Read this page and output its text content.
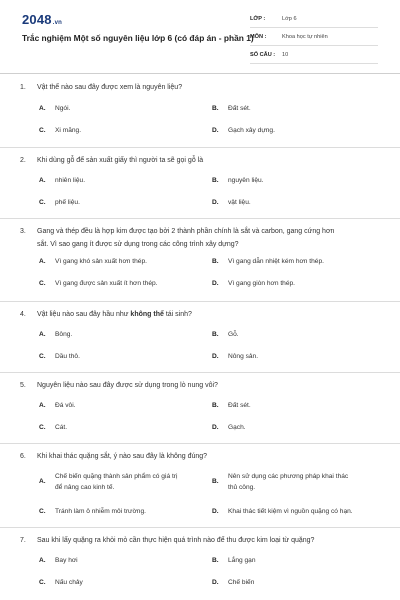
2048.vn
Trắc nghiệm Một số nguyên liệu lớp 6 (có đáp án - phần 1)
LỚP :	Lớp 6
MÔN :	Khoa học tự nhiên
SỐ CÂU :	10
1.	Vật thể nào sau đây được xem là nguyên liệu?
A.	Ngói.	B.	Đất sét.
C.	Xi măng.	D.	Gạch xây dựng.
2.	Khi dùng gỗ để sản xuất giấy thì người ta sẽ gọi gỗ là
A.	nhiên liệu.	B.	nguyên liệu.
C.	phế liệu.	D.	vật liệu.
3.	Gang và thép đều là hợp kim được tạo bởi 2 thành phần chính là sắt và carbon, gang cứng hơn
sắt. Vì sao gang ít được sử dụng trong các công trình xây dựng?
A.	Vì gang khó sản xuất hơn thép.	B.	Vì gang dẫn nhiệt kém hơn thép.
C.	Vì gang được sản xuất ít hơn thép.	D.	Vì gang giòn hơn thép.
4.	Vật liệu nào sau đây hầu như không thể tái sinh?
A.	Bông.	B.	Gỗ.
C.	Dầu thô.	D.	Nông sản.
5.	Nguyên liệu nào sau đây được sử dụng trong lò nung vôi?
A.	Đá vôi.	B.	Đất sét.
C.	Cát.	D.	Gạch.
6.	Khi khai thác quặng sắt, ý nào sau đây là không đúng?
A.
Chế biến quặng thành sản phẩm có giá trị
để nâng cao kinh tế.
B.
Nên sử dụng các phương pháp khai thác
thủ công.
C.	Tránh làm ô nhiễm môi trường.	D.	Khai thác tiết kiệm vì nguồn quặng có hạn.
7.	Sau khi lấy quặng ra khỏi mỏ cần thực hiện quá trình nào để thu được kim loại từ quặng?
A.	Bay hơi	B.	Lắng gạn
C.	Nấu chảy	D.	Chế biến
